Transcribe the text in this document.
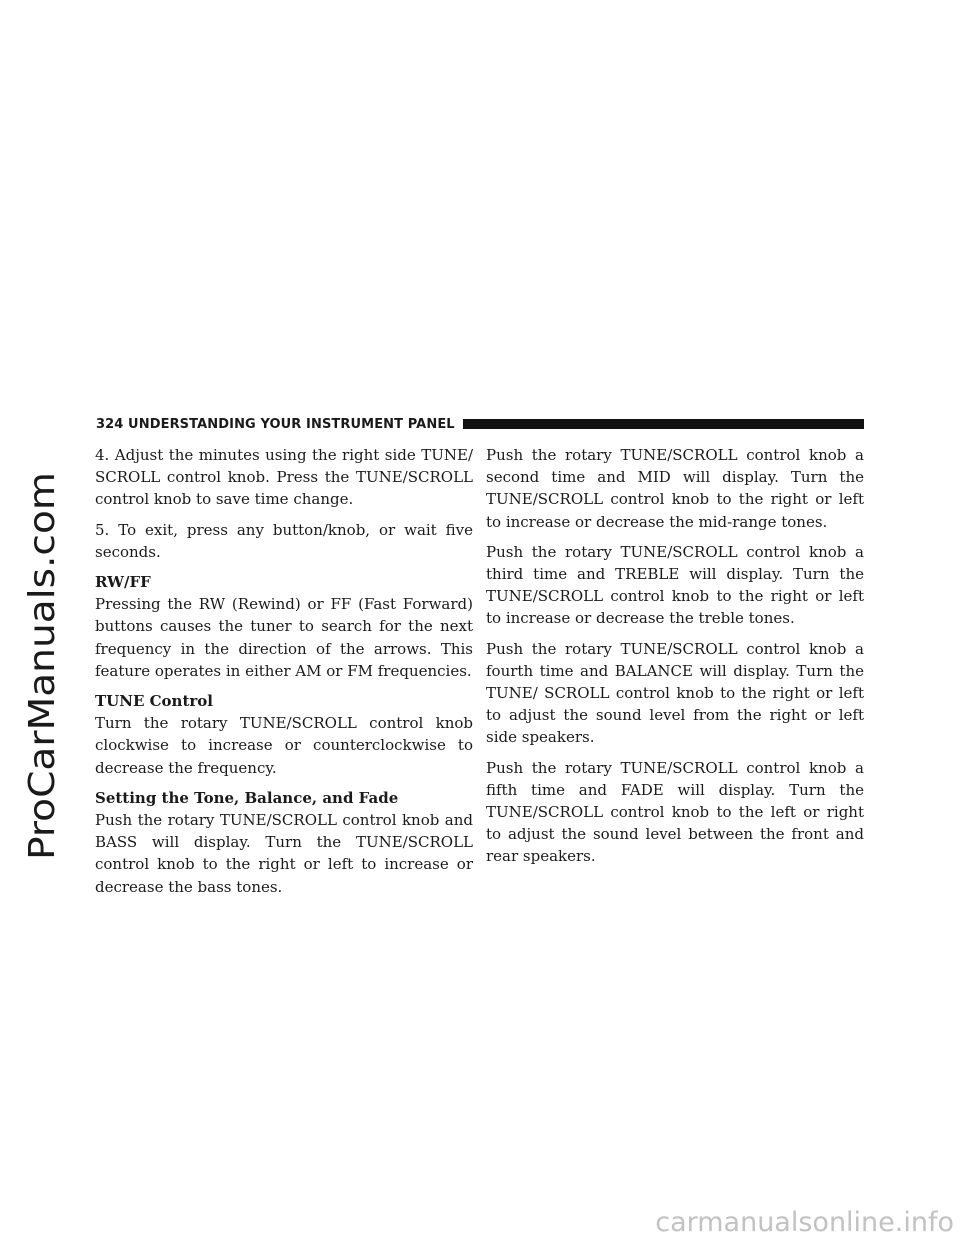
ProCarManuals.com
324 UNDERSTANDING YOUR INSTRUMENT PANEL

4. Adjust the minutes using the right side TUNE/ SCROLL control knob. Press the TUNE/SCROLL control knob to save time change.

5. To exit, press any button/knob, or wait five seconds.

RW/FF

Pressing the RW (Rewind) or FF (Fast Forward) buttons causes the tuner to search for the next frequency in the direction of the arrows. This feature operates in either AM or FM frequencies.

TUNE Control

Turn the rotary TUNE/SCROLL control knob clockwise to increase or counterclockwise to decrease the frequency.

Setting the Tone, Balance, and Fade

Push the rotary TUNE/SCROLL control knob and BASS will display. Turn the TUNE/SCROLL control knob to the right or left to increase or decrease the bass tones.

Push the rotary TUNE/SCROLL control knob a second time and MID will display. Turn the TUNE/SCROLL control knob to the right or left to increase or decrease the mid-range tones.

Push the rotary TUNE/SCROLL control knob a third time and TREBLE will display. Turn the TUNE/SCROLL control knob to the right or left to increase or decrease the treble tones.

Push the rotary TUNE/SCROLL control knob a fourth time and BALANCE will display. Turn the TUNE/ SCROLL control knob to the right or left to adjust the sound level from the right or left side speakers.

Push the rotary TUNE/SCROLL control knob a fifth time and FADE will display. Turn the TUNE/SCROLL control knob to the left or right to adjust the sound level between the front and rear speakers.

carmanualsonline.info
